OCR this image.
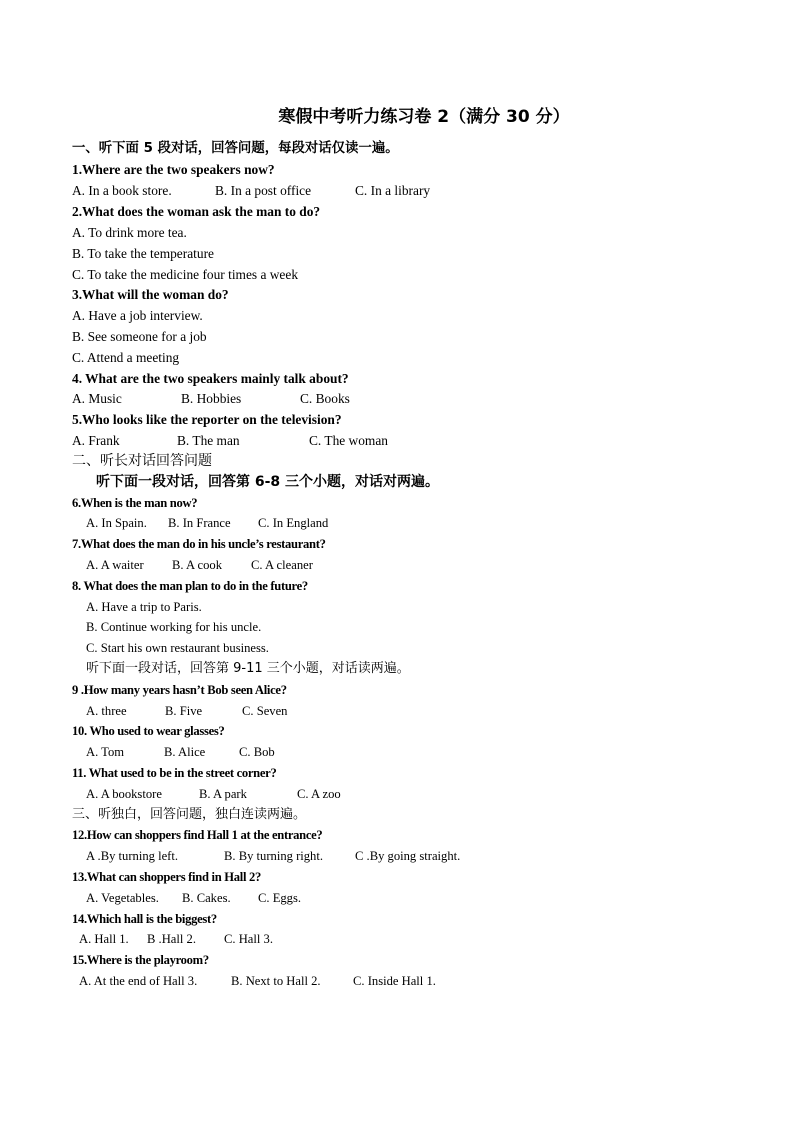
寒假中考听力练习卷 2（满分 30 分）
一、听下面 5 段对话，回答问题，每段对话仅读一遍。
1.Where are the two speakers now?
A. In a book store.	B. In a post office	C. In a library
2.What does the woman ask the man to do?
A. To drink more tea.
B. To take the temperature
C. To take the medicine four times a week
3.What will the woman do?
A. Have a job interview.
B. See someone for a job
C. Attend a meeting
4. What are the two speakers mainly talk about?
A. Music	B. Hobbies	C. Books
5.Who looks like the reporter on the television?
A. Frank	B. The man	C. The woman
二、听长对话回答问题
听下面一段对话，回答第 6-8 三个小题，对话对两遍。
6.When is the man now?
A. In Spain. B. In France C. In England
7.What does the man do in his uncle’s restaurant?
A. A waiter B. A cook C. A cleaner
8. What does the man plan to do in the future?
A. Have a trip to Paris.
B. Continue working for his uncle.
C. Start his own restaurant business.
听下面一段对话，回答第 9-11 三个小题，对话读两遍。
9 .How many years hasn’t Bob seen Alice?
A. three	B. Five	C. Seven
10. Who used to wear glasses?
A. Tom	B. Alice	C. Bob
11. What used to be in the street corner?
A. A bookstore	B. A park	C. A zoo
三、听独白，回答问题，独白连读两遍。
12.How can shoppers find Hall 1 at the entrance?
A .By turning left.	B. By turning right.	C .By going straight.
13.What can shoppers find in Hall 2?
A. Vegetables. B. Cakes. C. Eggs.
14.Which hall is the biggest?
A. Hall 1. B .Hall 2. C. Hall 3.
15.Where is the playroom?
A. At the end of Hall 3.	B. Next to Hall 2.	C. Inside Hall 1.
